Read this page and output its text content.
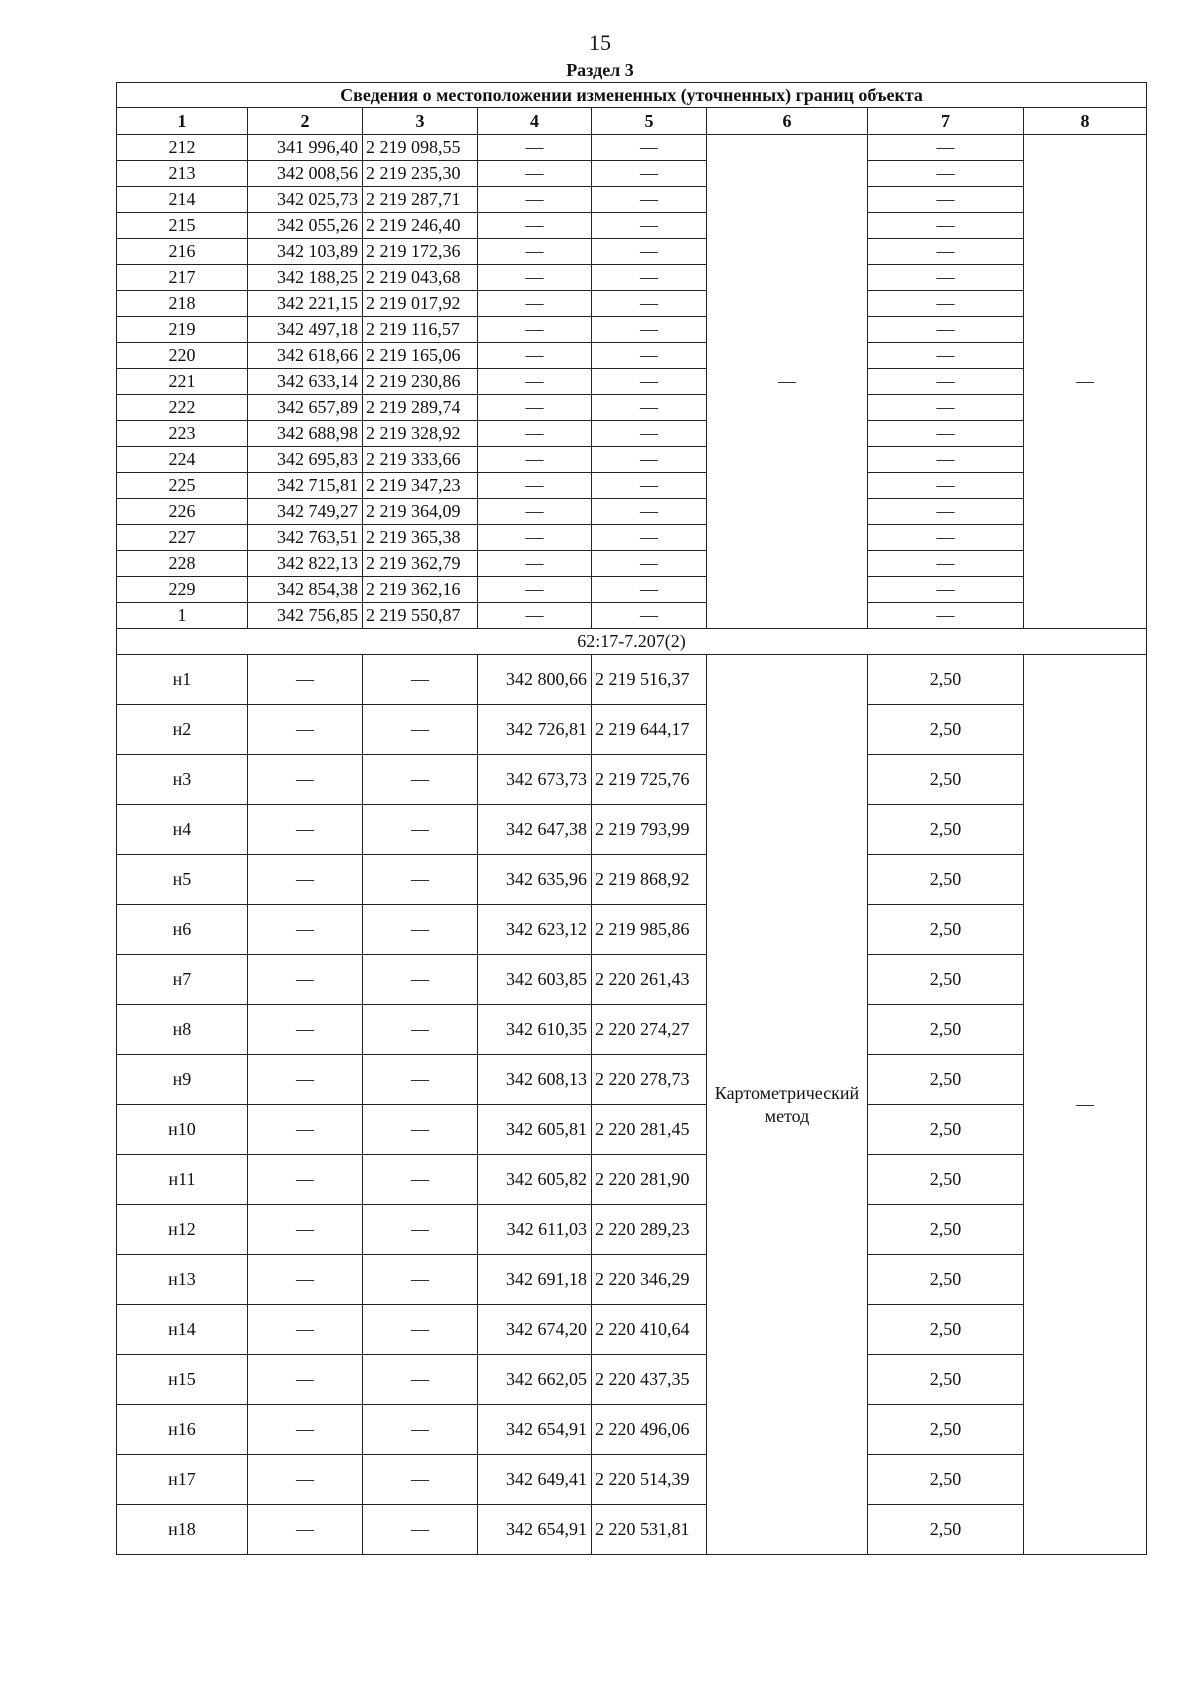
15
Раздел 3
Сведения о местоположении измененных (уточненных) границ объекта							
1	2	3	4	5	6	7	8
212	341 996,40	2 219 098,55	—	—	—	—	—
213	342 008,56	2 219 235,30	—	—		—	
214	342 025,73	2 219 287,71	—	—		—	
215	342 055,26	2 219 246,40	—	—		—	
216	342 103,89	2 219 172,36	—	—		—	
217	342 188,25	2 219 043,68	—	—		—	
218	342 221,15	2 219 017,92	—	—		—	
219	342 497,18	2 219 116,57	—	—		—	
220	342 618,66	2 219 165,06	—	—		—	
221	342 633,14	2 219 230,86	—	—		—	
222	342 657,89	2 219 289,74	—	—		—	
223	342 688,98	2 219 328,92	—	—		—	
224	342 695,83	2 219 333,66	—	—		—	
225	342 715,81	2 219 347,23	—	—		—	
226	342 749,27	2 219 364,09	—	—		—	
227	342 763,51	2 219 365,38	—	—		—	
228	342 822,13	2 219 362,79	—	—		—	
229	342 854,38	2 219 362,16	—	—		—	
1	342 756,85	2 219 550,87	—	—		—	
62:17-7.207(2)							
н1	—	—	342 800,66	2 219 516,37	Картометрический метод	2,50	—
н2	—	—	342 726,81	2 219 644,17		2,50	
н3	—	—	342 673,73	2 219 725,76		2,50	
н4	—	—	342 647,38	2 219 793,99		2,50	
н5	—	—	342 635,96	2 219 868,92		2,50	
н6	—	—	342 623,12	2 219 985,86		2,50	
н7	—	—	342 603,85	2 220 261,43		2,50	
н8	—	—	342 610,35	2 220 274,27		2,50	
н9	—	—	342 608,13	2 220 278,73		2,50	
н10	—	—	342 605,81	2 220 281,45		2,50	
н11	—	—	342 605,82	2 220 281,90		2,50	
н12	—	—	342 611,03	2 220 289,23		2,50	
н13	—	—	342 691,18	2 220 346,29		2,50	
н14	—	—	342 674,20	2 220 410,64		2,50	
н15	—	—	342 662,05	2 220 437,35		2,50	
н16	—	—	342 654,91	2 220 496,06		2,50	
н17	—	—	342 649,41	2 220 514,39		2,50	
н18	—	—	342 654,91	2 220 531,81		2,50	
